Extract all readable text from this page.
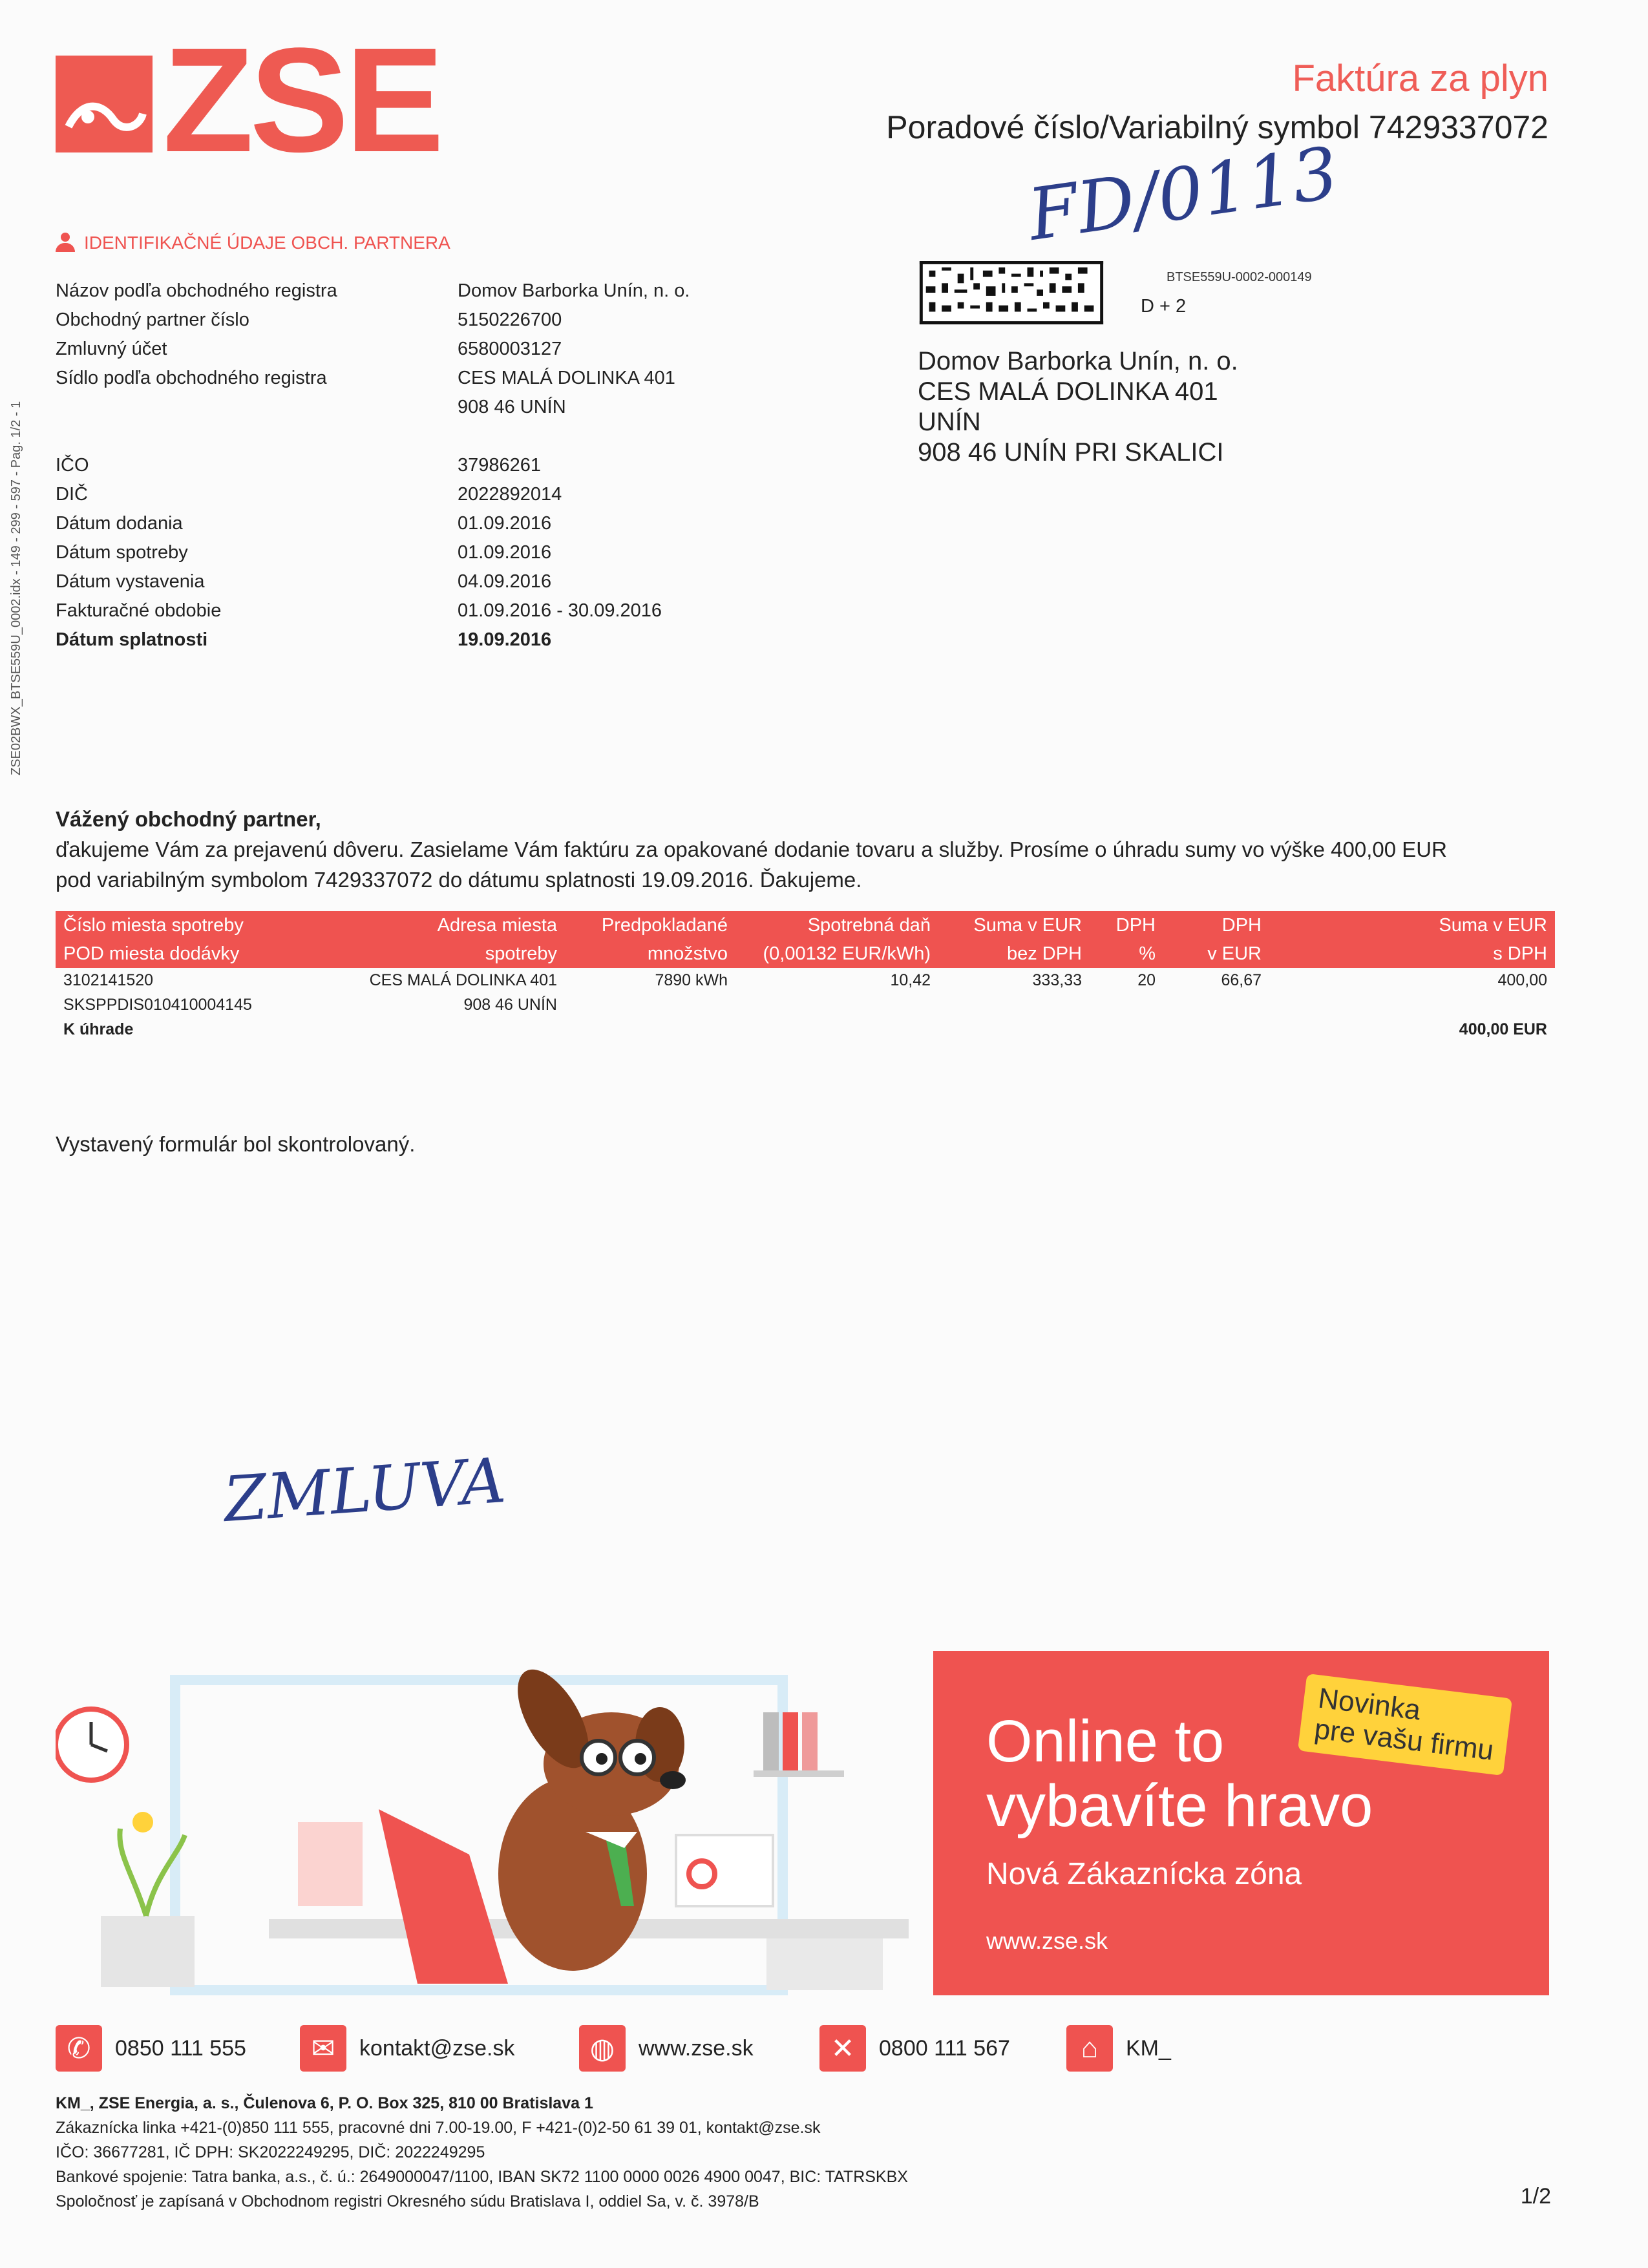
ZSE	Faktúra za plyn
Poradové číslo/Variabilný symbol 7429337072
FD/0113
ZSE02BWX_BTSE559U_0002.idx - 149 - 299 - 597 - Pag. 1/2 - 1
IDENTIFIKAČNÉ ÚDAJE OBCH. PARTNERA
Názov podľa obchodného registra	Domov Barborka Unín, n. o.
Obchodný partner číslo	5150226700
Zmluvný účet	6580003127
Sídlo podľa obchodného registra	CES MALÁ DOLINKA 401
908 46 UNÍN
IČO	37986261
DIČ	2022892014
Dátum dodania	01.09.2016
Dátum spotreby	01.09.2016
Dátum vystavenia	04.09.2016
Fakturačné obdobie	01.09.2016 - 30.09.2016
Dátum splatnosti	19.09.2016
BTSE559U-0002-000149
D + 2
Domov Barborka Unín, n. o.
CES MALÁ DOLINKA 401
UNÍN
908 46 UNÍN PRI SKALICI
Vážený obchodný partner,
ďakujeme Vám za prejavenú dôveru. Zasielame Vám faktúru za opakované dodanie tovaru a služby. Prosíme o úhradu sumy vo výške 400,00 EUR
pod variabilným symbolom 7429337072 do dátumu splatnosti 19.09.2016. Ďakujeme.
Číslo miesta spotreby	Adresa miesta	Predpokladané	Spotrebná daň	Suma v EUR	DPH	DPH	Suma v EUR
POD miesta dodávky	spotreby	množstvo	(0,00132 EUR/kWh)	bez DPH	%	v EUR	s DPH
3102141520	CES MALÁ DOLINKA 401	7890 kWh	10,42	333,33	20	66,67	400,00
SKSPPDIS010410004145	908 46 UNÍN						
K úhrade				400,00 EUR			
Vystavený formulár bol skontrolovaný.
ZMLUVA
Online to
vybavíte hravo
Novinka
pre vašu firmu
Nová Zákaznícka zóna
www.zse.sk
✆	0850 111 555	✉	kontakt@zse.sk	◍	www.zse.sk	✕	0800 111 567	⌂	KM_
KM_, ZSE Energia, a. s., Čulenova 6, P. O. Box 325, 810 00 Bratislava 1
Zákaznícka linka +421-(0)850 111 555, pracovné dni 7.00-19.00, F +421-(0)2-50 61 39 01, kontakt@zse.sk
IČO: 36677281, IČ DPH: SK2022249295, DIČ: 2022249295
Bankové spojenie: Tatra banka, a.s., č. ú.: 2649000047/1100, IBAN SK72 1100 0000 0026 4900 0047, BIC: TATRSKBX
Spoločnosť je zapísaná v Obchodnom registri Okresného súdu Bratislava I, oddiel Sa, v. č. 3978/B	1/2
